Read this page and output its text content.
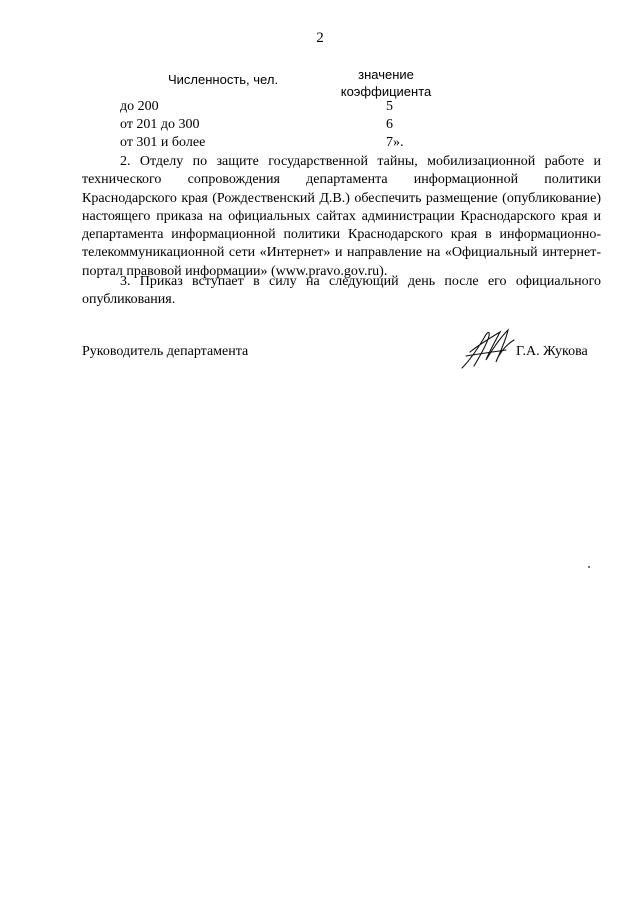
2
Численность, чел.	значение
коэффициента
до 200	5
от 201 до 300	6
от 301 и более	7».
2. Отделу по защите государственной тайны, мобилизационной работе и технического сопровождения департамента информационной политики Краснодарского края (Рождественский Д.В.) обеспечить размещение (опубликование) настоящего приказа на официальных сайтах администрации Краснодарского края и департамента информационной политики Краснодарского края в информационно-телекоммуникационной сети «Интернет» и направление на «Официальный интернет-портал правовой информации» (www.pravo.gov.ru).
3. Приказ вступает в силу на следующий день после его официального опубликования.
Руководитель департамента	Г.А. Жукова
